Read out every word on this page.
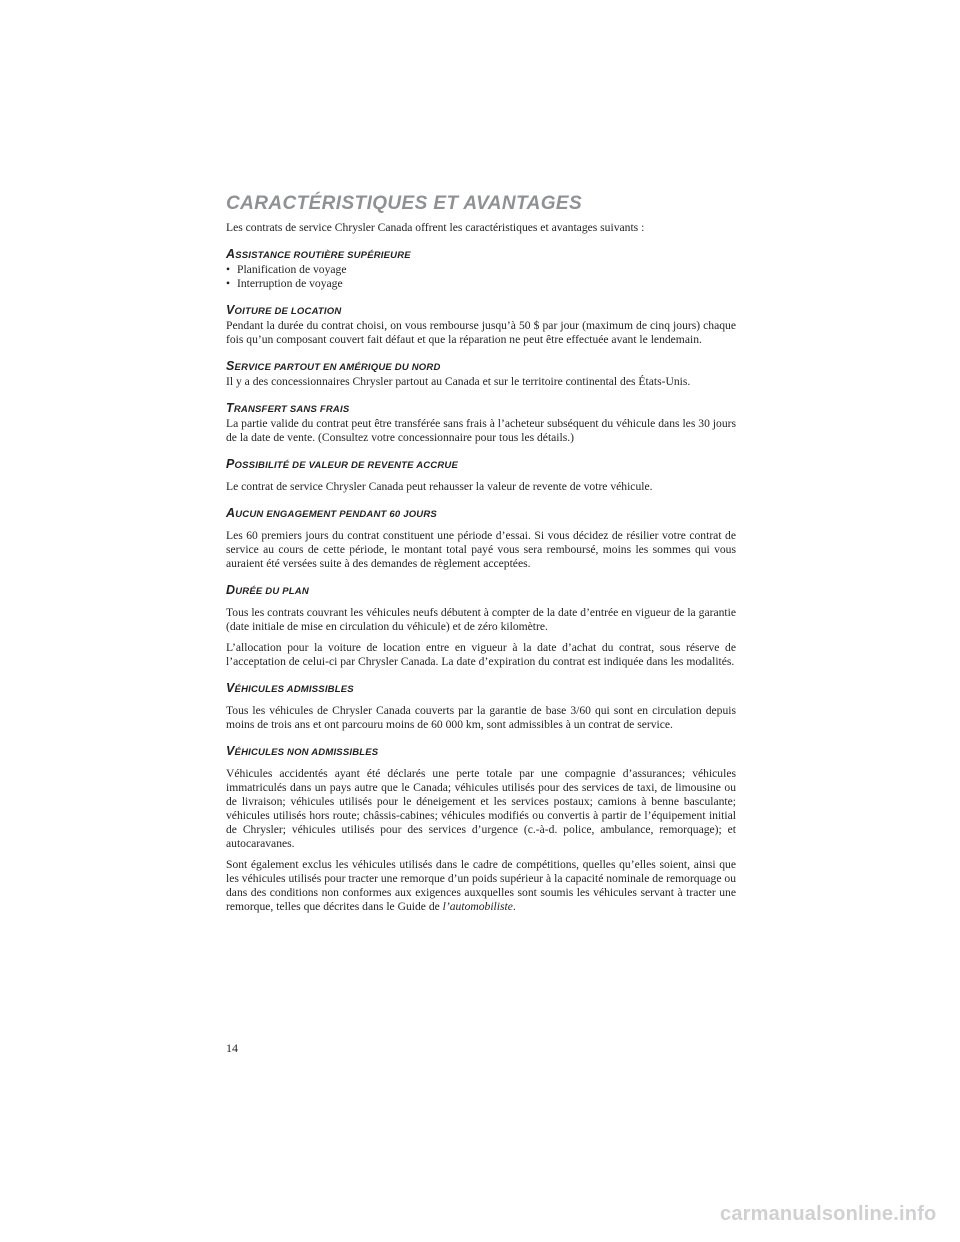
CARACTÉRISTIQUES ET AVANTAGES

Les contrats de service Chrysler Canada offrent les caractéristiques et avantages suivants :

ASSISTANCE ROUTIÈRE SUPÉRIEURE
• Planification de voyage
• Interruption de voyage
VOITURE DE LOCATION

Pendant la durée du contrat choisi, on vous rembourse jusqu’à 50 $ par jour (maximum de cinq jours) chaque fois qu’un composant couvert fait défaut et que la réparation ne peut être effectuée avant le lendemain.

SERVICE PARTOUT EN AMÉRIQUE DU NORD

Il y a des concessionnaires Chrysler partout au Canada et sur le territoire continental des États-Unis.

TRANSFERT SANS FRAIS

La partie valide du contrat peut être transférée sans frais à l’acheteur subséquent du véhicule dans les 30 jours de la date de vente. (Consultez votre concessionnaire pour tous les détails.)

POSSIBILITÉ DE VALEUR DE REVENTE ACCRUE

Le contrat de service Chrysler Canada peut rehausser la valeur de revente de votre véhicule.

AUCUN ENGAGEMENT PENDANT 60 JOURS

Les 60 premiers jours du contrat constituent une période d’essai. Si vous décidez de résilier votre contrat de service au cours de cette période, le montant total payé vous sera remboursé, moins les sommes qui vous auraient été versées suite à des demandes de règlement acceptées.

DURÉE DU PLAN

Tous les contrats couvrant les véhicules neufs débutent à compter de la date d’entrée en vigueur de la garantie (date initiale de mise en circulation du véhicule) et de zéro kilomètre.

L’allocation pour la voiture de location entre en vigueur à la date d’achat du contrat, sous réserve de l’acceptation de celui-ci par Chrysler Canada. La date d’expiration du contrat est indiquée dans les modalités.

VÉHICULES ADMISSIBLES

Tous les véhicules de Chrysler Canada couverts par la garantie de base 3/60 qui sont en circulation depuis moins de trois ans et ont parcouru moins de 60 000 km, sont admissibles à un contrat de service.

VÉHICULES NON ADMISSIBLES

Véhicules accidentés ayant été déclarés une perte totale par une compagnie d’assurances; véhicules immatriculés dans un pays autre que le Canada; véhicules utilisés pour des services de taxi, de limousine ou de livraison; véhicules utilisés pour le déneigement et les services postaux; camions à benne basculante; véhicules utilisés hors route; châssis-cabines; véhicules modifiés ou convertis à partir de l’équipement initial de Chrysler; véhicules utilisés pour des services d’urgence (c.-à-d. police, ambulance, remorquage); et autocaravanes.

Sont également exclus les véhicules utilisés dans le cadre de compétitions, quelles qu’elles soient, ainsi que les véhicules utilisés pour tracter une remorque d’un poids supérieur à la capacité nominale de remorquage ou dans des conditions non conformes aux exigences auxquelles sont soumis les véhicules servant à tracter une remorque, telles que décrites dans le Guide de l’automobiliste.

14
carmanualsonline.info
